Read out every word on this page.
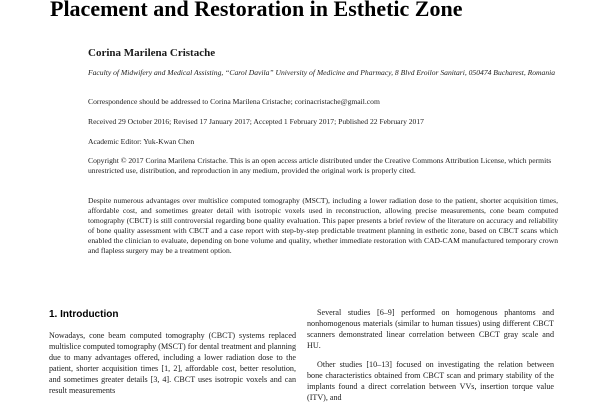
Placement and Restoration in Esthetic Zone
Corina Marilena Cristache
Faculty of Midwifery and Medical Assisting, “Carol Davila” University of Medicine and Pharmacy, 8 Blvd Eroilor Sanitari, 050474 Bucharest, Romania
Correspondence should be addressed to Corina Marilena Cristache; corinacristache@gmail.com
Received 29 October 2016; Revised 17 January 2017; Accepted 1 February 2017; Published 22 February 2017
Academic Editor: Yuk-Kwan Chen
Copyright © 2017 Corina Marilena Cristache. This is an open access article distributed under the Creative Commons Attribution License, which permits unrestricted use, distribution, and reproduction in any medium, provided the original work is properly cited.
Despite numerous advantages over multislice computed tomography (MSCT), including a lower radiation dose to the patient, shorter acquisition times, affordable cost, and sometimes greater detail with isotropic voxels used in reconstruction, allowing precise measurements, cone beam computed tomography (CBCT) is still controversial regarding bone quality evaluation. This paper presents a brief review of the literature on accuracy and reliability of bone quality assessment with CBCT and a case report with step-by-step predictable treatment planning in esthetic zone, based on CBCT scans which enabled the clinician to evaluate, depending on bone volume and quality, whether immediate restoration with CAD-CAM manufactured temporary crown and flapless surgery may be a treatment option.
1. Introduction

Nowadays, cone beam computed tomography (CBCT) systems replaced multislice computed tomography (MSCT) for dental treatment and planning due to many advantages offered, including a lower radiation dose to the patient, shorter acquisition times [1, 2], affordable cost, better resolution, and sometimes greater details [3, 4]. CBCT uses isotropic voxels and can result measurements

Several studies [6–9] performed on homogenous phantoms and nonhomogenous materials (similar to human tissues) using different CBCT scanners demonstrated linear correlation between CBCT gray scale and HU.

Other studies [10–13] focused on investigating the relation between bone characteristics obtained from CBCT scan and primary stability of the implants found a direct correlation between VVs, insertion torque value (ITV), and
